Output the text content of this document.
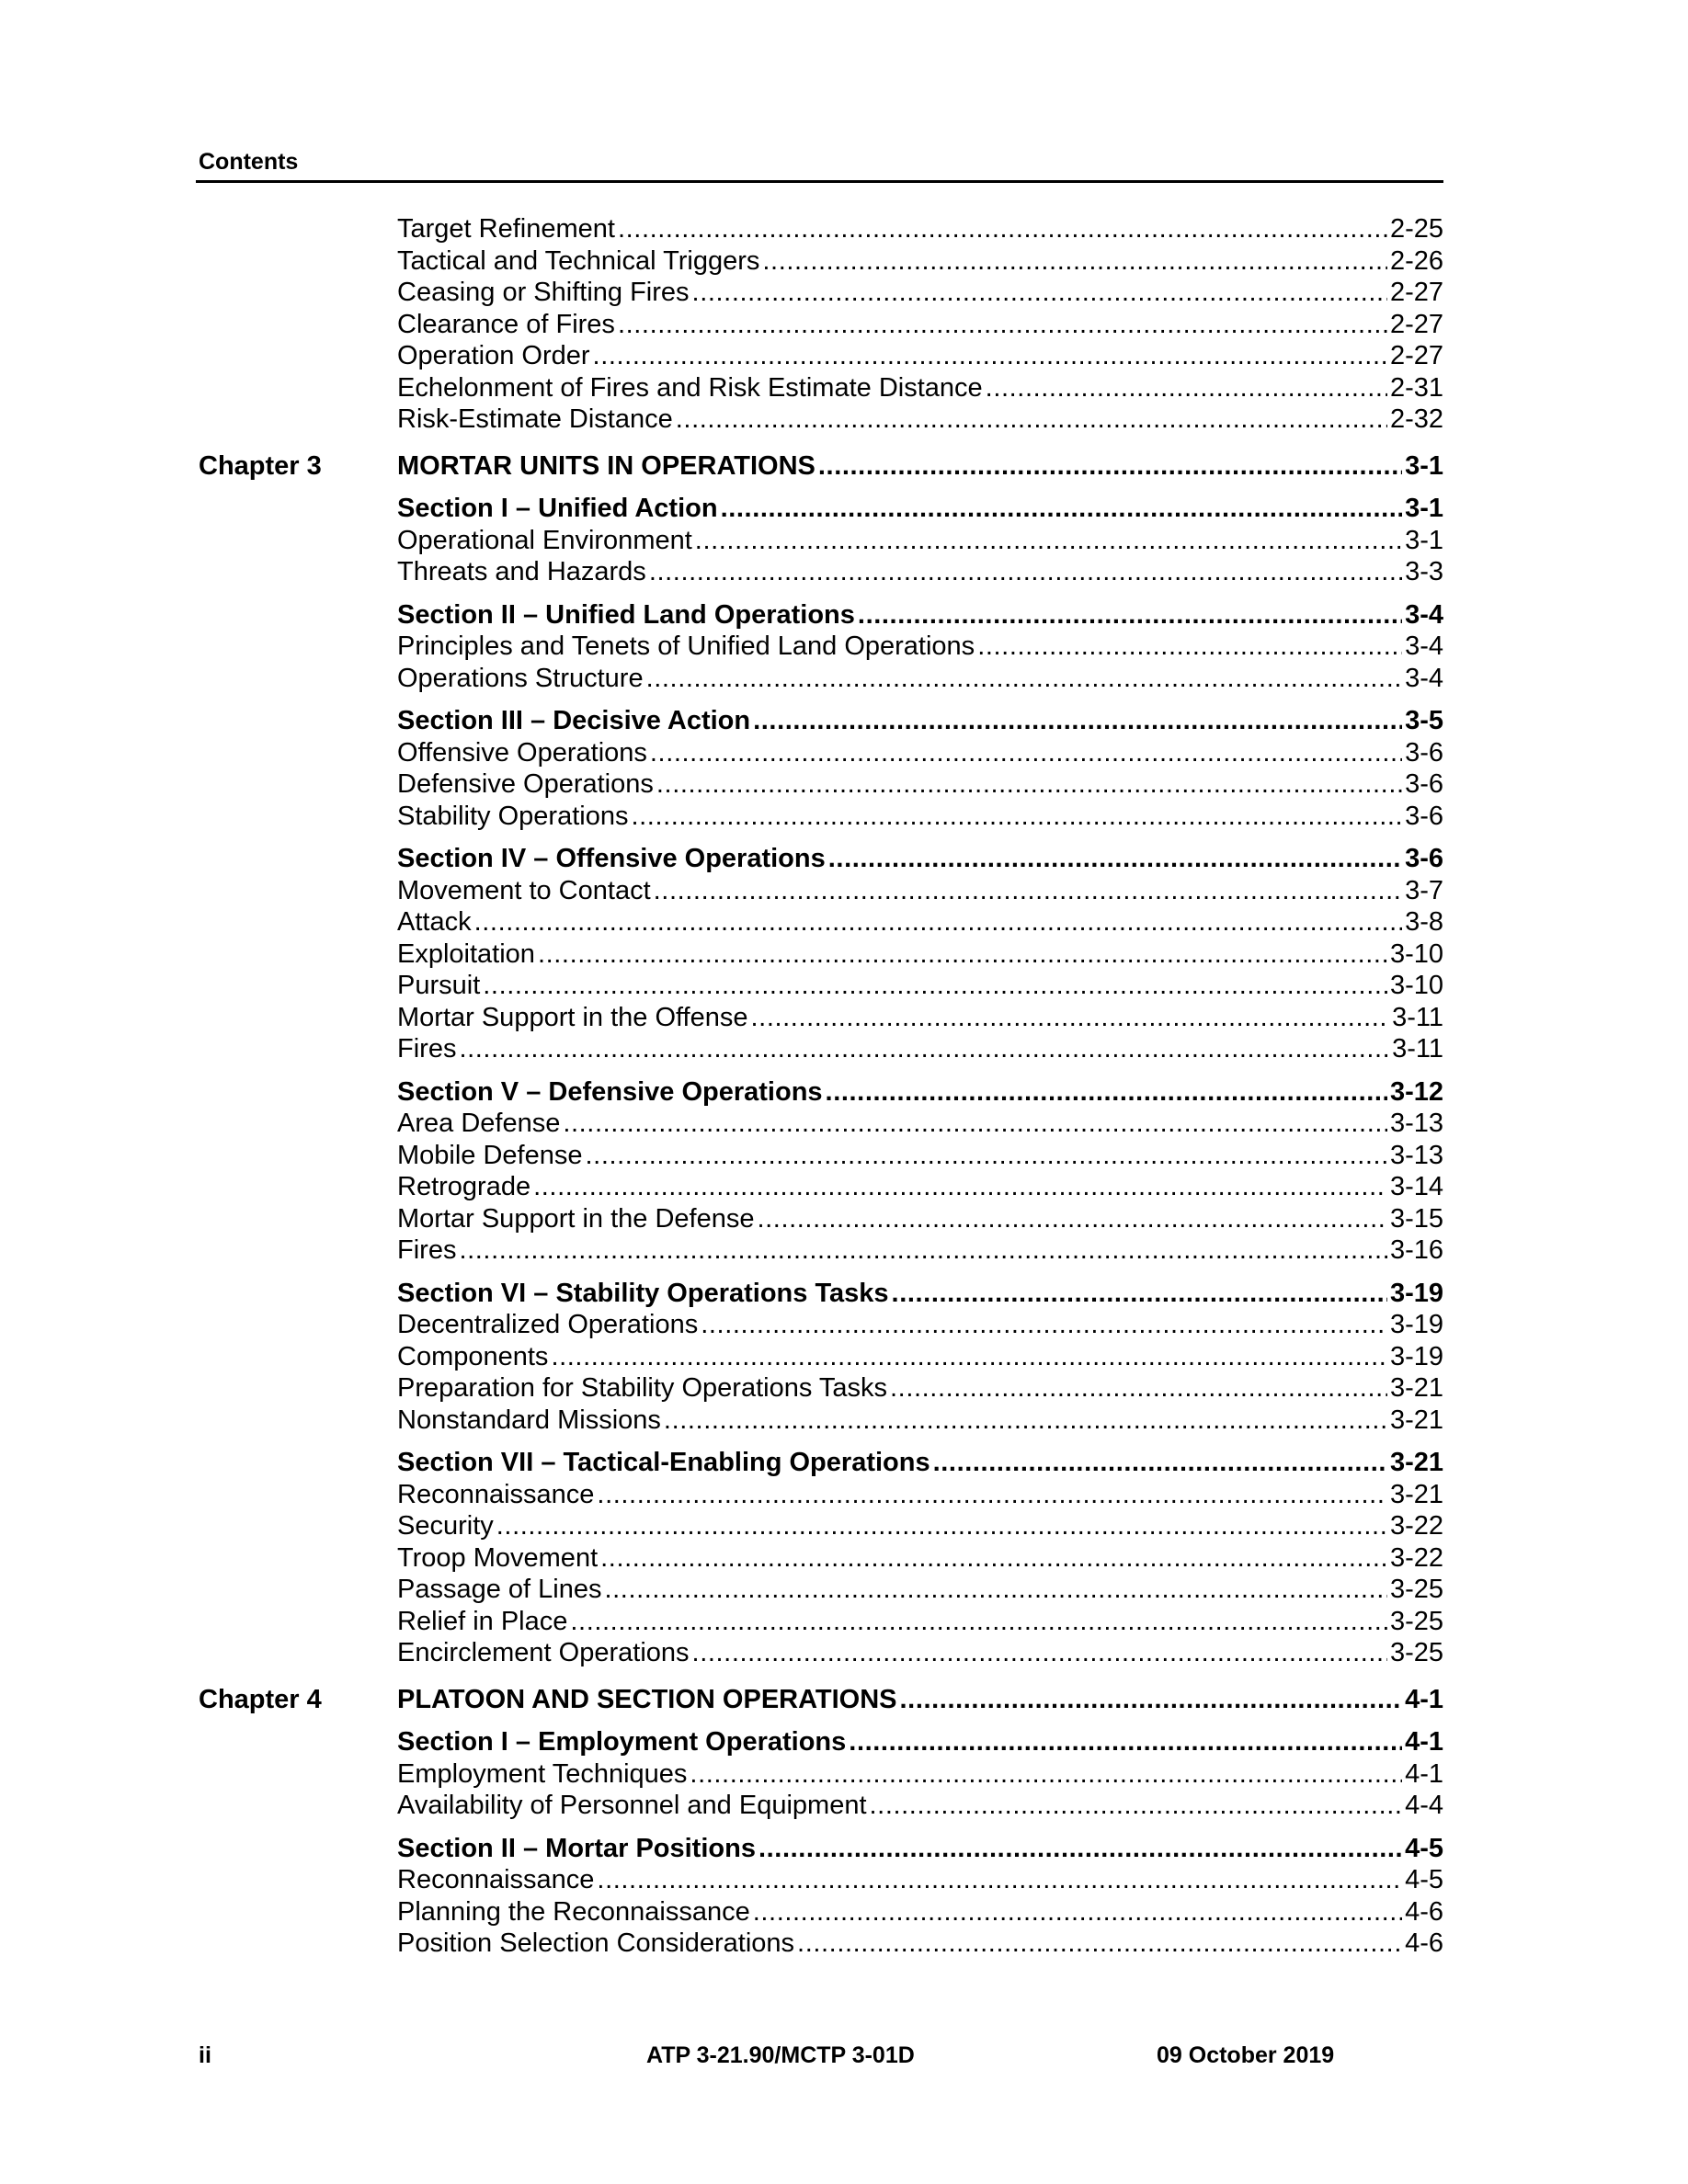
Contents
Target Refinement .....	2-25
Tactical and Technical Triggers .....	2-26
Ceasing or Shifting Fires .....	2-27
Clearance of Fires .....	2-27
Operation Order .....	2-27
Echelonment of Fires and Risk Estimate Distance .....	2-31
Risk-Estimate Distance .....	2-32
Chapter 3	MORTAR UNITS IN OPERATIONS .....	3-1
Section I – Unified Action .....	3-1
Operational Environment .....	3-1
Threats and Hazards .....	3-3
Section II – Unified Land Operations .....	3-4
Principles and Tenets of Unified Land Operations .....	3-4
Operations Structure .....	3-4
Section III – Decisive Action .....	3-5
Offensive Operations .....	3-6
Defensive Operations .....	3-6
Stability Operations .....	3-6
Section IV – Offensive Operations .....	3-6
Movement to Contact .....	3-7
Attack .....	3-8
Exploitation .....	3-10
Pursuit .....	3-10
Mortar Support in the Offense .....	3-11
Fires .....	3-11
Section V – Defensive Operations .....	3-12
Area Defense .....	3-13
Mobile Defense .....	3-13
Retrograde .....	3-14
Mortar Support in the Defense .....	3-15
Fires .....	3-16
Section VI – Stability Operations Tasks .....	3-19
Decentralized Operations .....	3-19
Components .....	3-19
Preparation for Stability Operations Tasks .....	3-21
Nonstandard Missions .....	3-21
Section VII – Tactical-Enabling Operations .....	3-21
Reconnaissance .....	3-21
Security .....	3-22
Troop Movement .....	3-22
Passage of Lines .....	3-25
Relief in Place .....	3-25
Encirclement Operations .....	3-25
Chapter 4	PLATOON AND SECTION OPERATIONS .....	4-1
Section I – Employment Operations .....	4-1
Employment Techniques .....	4-1
Availability of Personnel and Equipment .....	4-4
Section II – Mortar Positions .....	4-5
Reconnaissance .....	4-5
Planning the Reconnaissance .....	4-6
Position Selection Considerations .....	4-6
ii	ATP 3-21.90/MCTP 3-01D	09 October 2019
